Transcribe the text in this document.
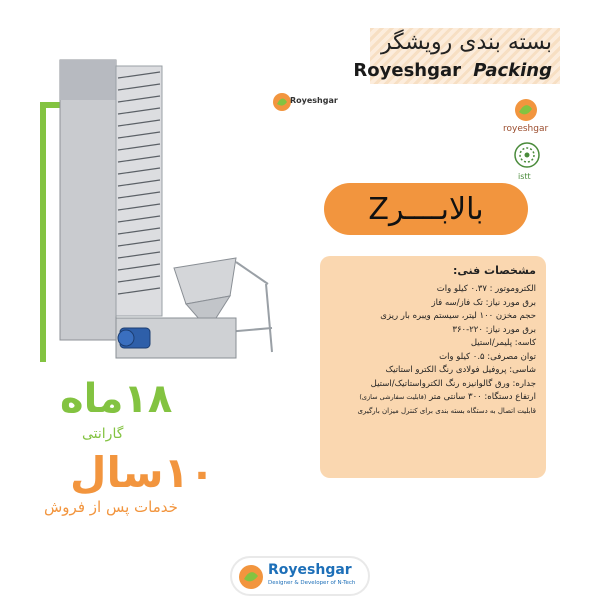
بسته بندی رویشگر
Royeshgar Packing
Royeshgar
royeshgar
istt
بالابــــرZ
مشخصات فنی:
الکتروموتور : ۰.۳۷ کیلو وات
برق مورد نیاز: تک فاز/سه فاز
حجم مخزن ۱۰۰ لیتر، سیستم ویبره بار ریزی
برق مورد نیاز: ۲۲۰-۳۶۰
کاسه: پلیمر/استیل
توان مصرفی: ۰.۵ کیلو وات
شاسی: پروفیل فولادی رنگ الکترو استاتیک
جداره: ورق گالوانیزه رنگ الکترواستاتیک/استیل
ارتفاع دستگاه: ۳۰۰ سانتی متر (قابلیت سفارشی سازی)
قابلیت اتصال به دستگاه بسته بندی برای کنترل میزان بارگیری
۱۸ماه
گارانتی
۱۰سال
خدمات پس از فروش
Royeshgar
Designer & Developer of N-Tech
